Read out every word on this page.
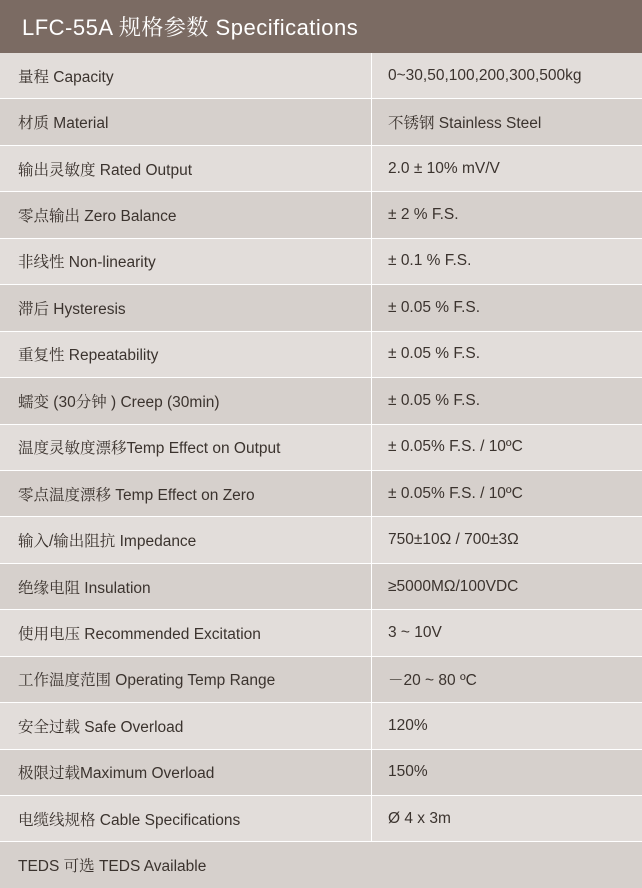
LFC-55A 规格参数 Specifications
量程 Capacity	0~30,50,100,200,300,500kg
材质 Material	不锈钢 Stainless Steel
输出灵敏度 Rated Output	2.0 ± 10% mV/V
零点输出 Zero Balance	± 2 % F.S.
非线性 Non-linearity	± 0.1 % F.S.
滞后 Hysteresis	± 0.05 % F.S.
重复性 Repeatability	± 0.05 % F.S.
蠕变 (30分钟 ) Creep (30min)	± 0.05 % F.S.
温度灵敏度漂移Temp Effect on Output	± 0.05% F.S. / 10ºC
零点温度漂移 Temp Effect on Zero	± 0.05% F.S. / 10ºC
输入/输出阻抗 Impedance	750±10Ω / 700±3Ω
绝缘电阻 Insulation	≥5000MΩ/100VDC
使用电压 Recommended Excitation	3 ~ 10V
工作温度范围 Operating Temp Range	－20 ~ 80 ºC
安全过载 Safe Overload	120%
极限过载Maximum Overload	150%
电缆线规格 Cable Specifications	Ø 4 x 3m
TEDS 可选 TEDS Available
